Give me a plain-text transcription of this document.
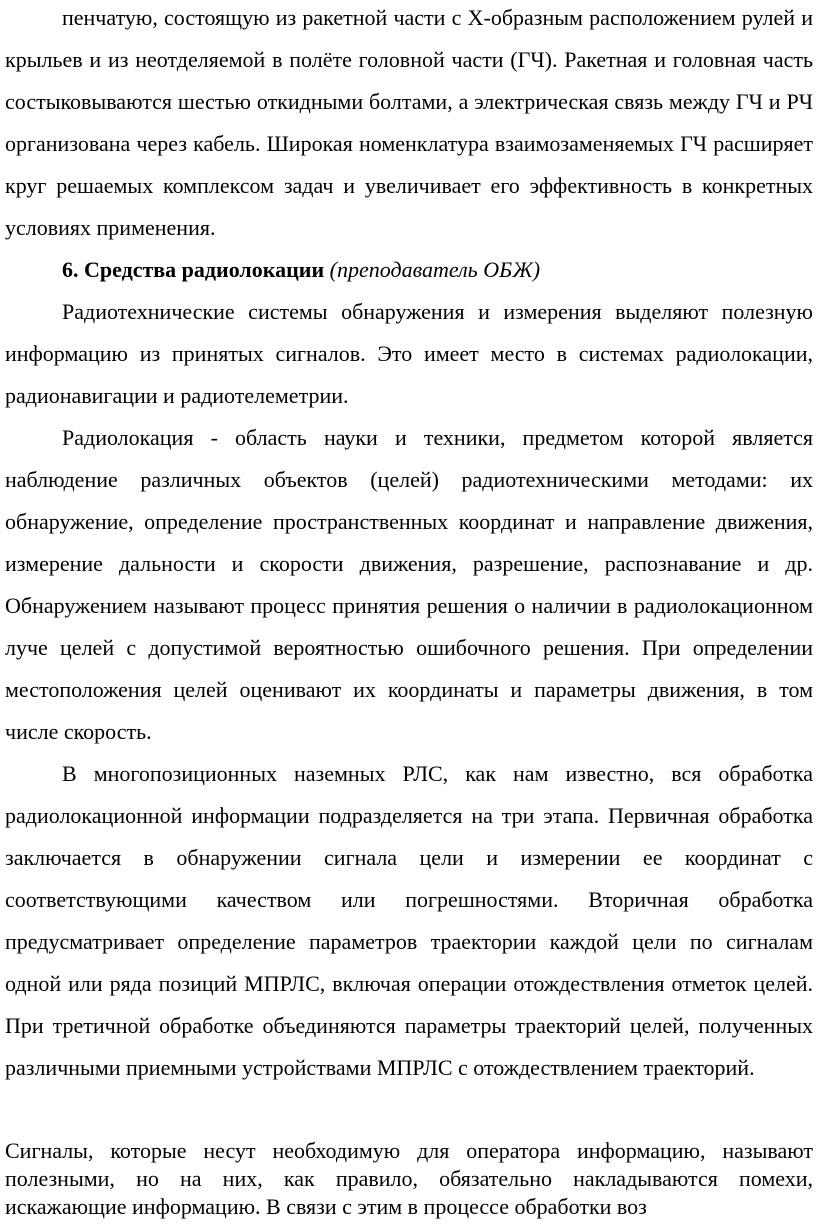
пенчатую, состоящую из ракетной части с Х-образным расположением рулей и крыльев и из неотделяемой в полёте головной части (ГЧ). Ракетная и головная часть состыковываются шестью откидными болтами, а электрическая связь между ГЧ и РЧ организована через кабель. Широкая номенклатура взаимозаменяемых ГЧ расширяет круг решаемых комплексом задач и увеличивает его эффективность в конкретных условиях применения.

6. Средства радиолокации (преподаватель ОБЖ)

Радиотехнические системы обнаружения и измерения выделяют полезную информацию из принятых сигналов. Это имеет место в системах радиолокации, радионавигации и радиотелеметрии.

Радиолокация - область науки и техники, предметом которой является наблюдение различных объектов (целей) радиотехническими методами: их обнаружение, определение пространственных координат и направление движения, измерение дальности и скорости движения, разрешение, распознавание и др. Обнаружением называют процесс принятия решения о наличии в радиолокационном луче целей с допустимой вероятностью ошибочного решения. При определении местоположения целей оценивают их координаты и параметры движения, в том числе скорость.

В многопозиционных наземных РЛС, как нам известно, вся обработка радиолокационной информации подразделяется на три этапа. Первичная обработка заключается в обнаружении сигнала цели и измерении ее координат с соответствующими качеством или погрешностями. Вторичная обработка предусматривает определение параметров траектории каждой цели по сигналам одной или ряда позиций МПРЛС, включая операции отождествления отметок целей. При третичной обработке объединяются параметры траекторий целей, полученных различными приемными устройствами МПРЛС с отождествлением траекторий.

Сигналы, которые несут необходимую для оператора информацию, называют полезными, но на них, как правило, обязательно накладываются помехи, искажающие информацию. В связи с этим в процессе обработки воз
